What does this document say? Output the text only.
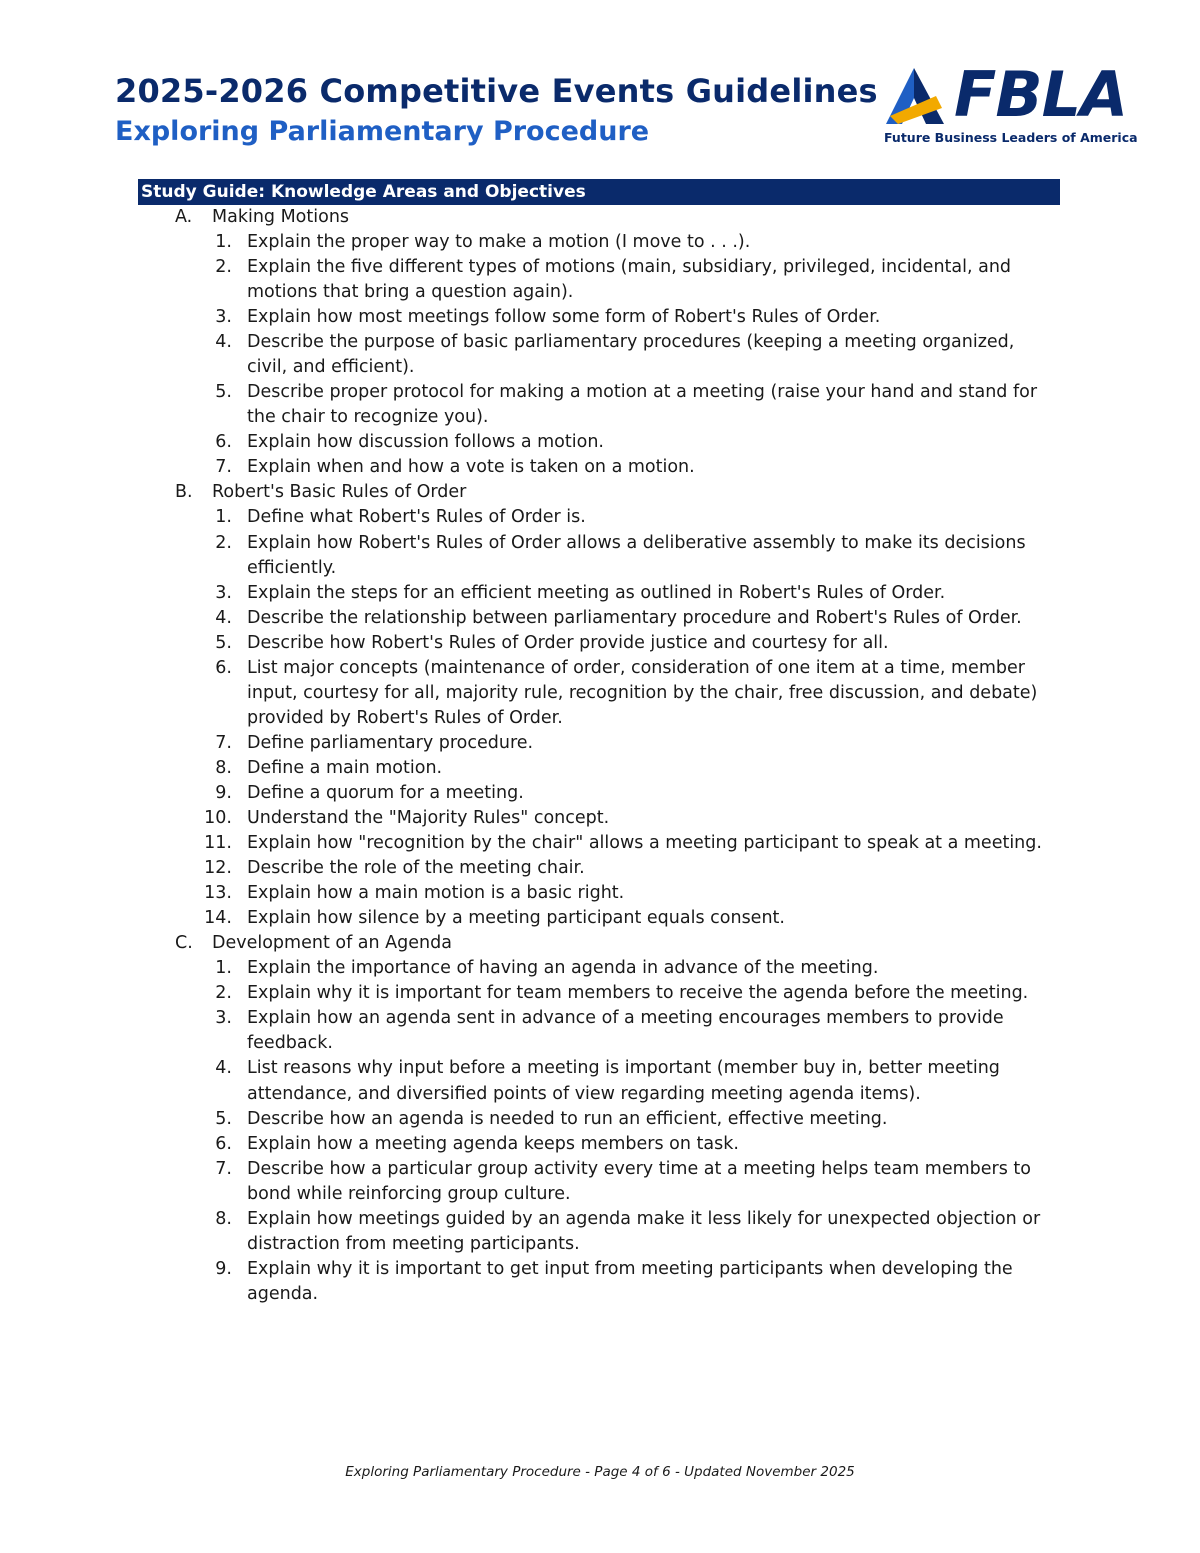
2025-2026 Competitive Events Guidelines
Exploring Parliamentary Procedure
FBLA
Future Business Leaders of America
Study Guide: Knowledge Areas and Objectives
A.	Making Motions
1. Explain the proper way to make a motion (I move to . . .).
2. Explain the five different types of motions (main, subsidiary, privileged, incidental, and motions that bring a question again).
3. Explain how most meetings follow some form of Robert's Rules of Order.
4. Describe the purpose of basic parliamentary procedures (keeping a meeting organized, civil, and efficient).
5. Describe proper protocol for making a motion at a meeting (raise your hand and stand for the chair to recognize you).
6. Explain how discussion follows a motion.
7. Explain when and how a vote is taken on a motion.
B.	Robert's Basic Rules of Order
1. Define what Robert's Rules of Order is.
2. Explain how Robert's Rules of Order allows a deliberative assembly to make its decisions efficiently.
3. Explain the steps for an efficient meeting as outlined in Robert's Rules of Order.
4. Describe the relationship between parliamentary procedure and Robert's Rules of Order.
5. Describe how Robert's Rules of Order provide justice and courtesy for all.
6. List major concepts (maintenance of order, consideration of one item at a time, member input, courtesy for all, majority rule, recognition by the chair, free discussion, and debate) provided by Robert's Rules of Order.
7. Define parliamentary procedure.
8. Define a main motion.
9. Define a quorum for a meeting.
10. Understand the "Majority Rules" concept.
11. Explain how "recognition by the chair" allows a meeting participant to speak at a meeting.
12. Describe the role of the meeting chair.
13. Explain how a main motion is a basic right.
14. Explain how silence by a meeting participant equals consent.
C.	Development of an Agenda
1. Explain the importance of having an agenda in advance of the meeting.
2. Explain why it is important for team members to receive the agenda before the meeting.
3. Explain how an agenda sent in advance of a meeting encourages members to provide feedback.
4. List reasons why input before a meeting is important (member buy in, better meeting attendance, and diversified points of view regarding meeting agenda items).
5. Describe how an agenda is needed to run an efficient, effective meeting.
6. Explain how a meeting agenda keeps members on task.
7. Describe how a particular group activity every time at a meeting helps team members to bond while reinforcing group culture.
8. Explain how meetings guided by an agenda make it less likely for unexpected objection or distraction from meeting participants.
9. Explain why it is important to get input from meeting participants when developing the agenda.
Exploring Parliamentary Procedure - Page 4 of 6 - Updated November 2025
